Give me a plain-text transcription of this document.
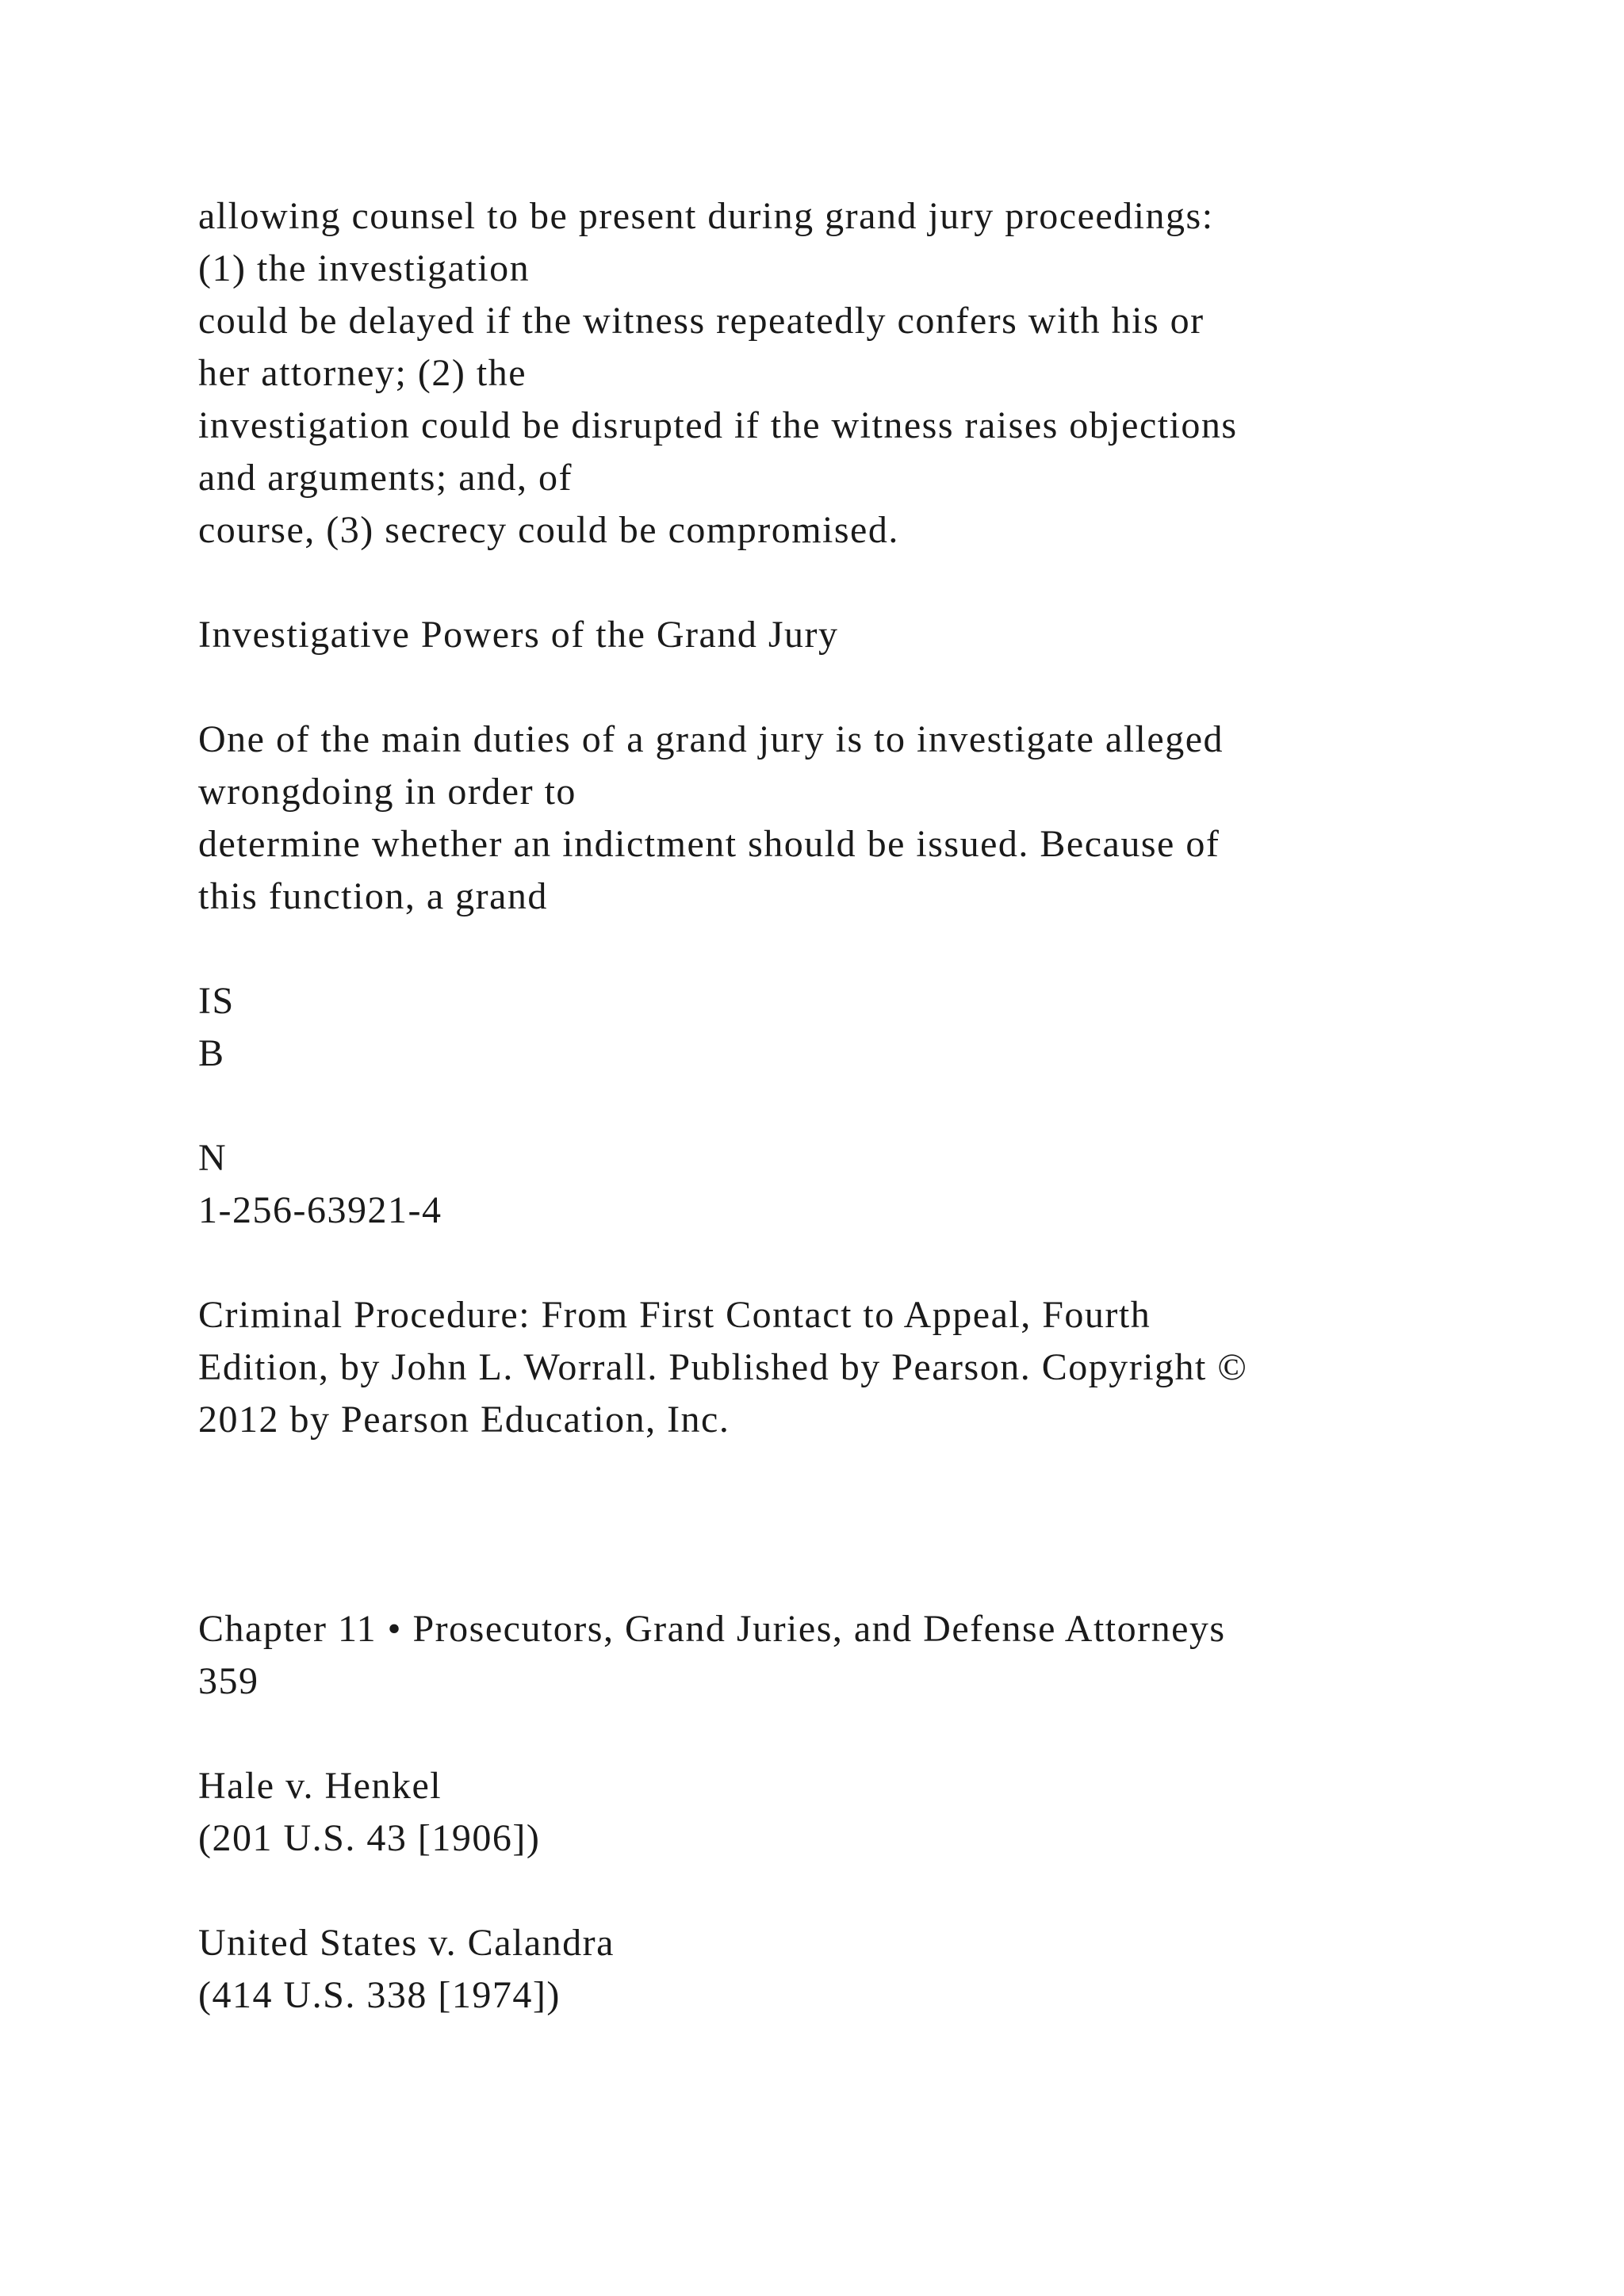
allowing counsel to be present during grand jury proceedings:
(1) the investigation
could be delayed if the witness repeatedly confers with his or
her attorney; (2) the
investigation could be disrupted if the witness raises objections
and arguments; and, of
course, (3) secrecy could be compromised.
Investigative Powers of the Grand Jury
One of the main duties of a grand jury is to investigate alleged
wrongdoing in order to
determine whether an indictment should be issued. Because of
this function, a grand
IS
B
N
1-256-63921-4
Criminal Procedure: From First Contact to Appeal, Fourth
Edition, by John L. Worrall. Published by Pearson. Copyright ©
2012 by Pearson Education, Inc.
Chapter 11 • Prosecutors, Grand Juries, and Defense Attorneys
359
Hale v. Henkel
(201 U.S. 43 [1906])
United States v. Calandra
(414 U.S. 338 [1974])
